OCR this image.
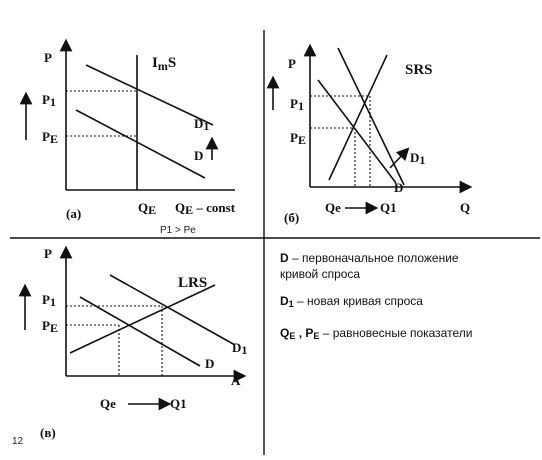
P
P1
PE
$I_mS$
D1
D
QE QE – const
(a)
P1 > Pe
P
P1
PE
SRS
D1
D
Q
Qe	Q1
(б)
P
P1
PE
LRS
D1
D
A
Qe	Q1
(в)
D – первоначальное положение
кривой спроса
D1 – новая кривая спроса
QE , PE – равновесные показатели
12
